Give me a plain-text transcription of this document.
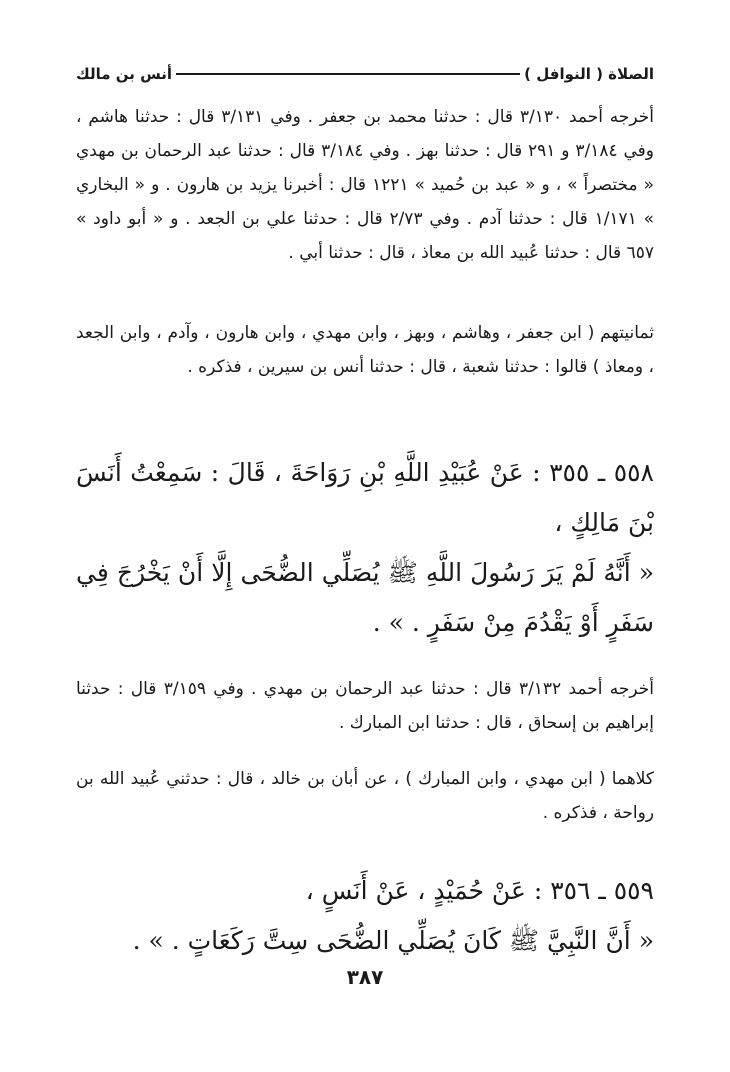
الصلاة ( النوافل )
أنس بن مالك

أخرجه أحمد ٣/١٣٠ قال : حدثنا محمد بن جعفر . وفي ٣/١٣١ قال : حدثنا هاشم ، وفي ٣/١٨٤ و ٢٩١ قال : حدثنا بهز . وفي ٣/١٨٤ قال : حدثنا عبد الرحمان بن مهدي « مختصراً » ، و « عبد بن حُميد » ١٢٢١ قال : أخبرنا يزيد بن هارون . و « البخاري » ١/١٧١ قال : حدثنا آدم . وفي ٢/٧٣ قال : حدثنا علي بن الجعد . و « أبو داود » ٦٥٧ قال : حدثنا عُبيد الله بن معاذ ، قال : حدثنا أبي .

ثمانيتهم ( ابن جعفر ، وهاشم ، وبهز ، وابن مهدي ، وابن هارون ، وآدم ، وابن الجعد ، ومعاذ ) قالوا : حدثنا شعبة ، قال : حدثنا أنس بن سيرين ، فذكره .

٥٥٨ ـ ٣٥٥ : عَنْ عُبَيْدِ اللَّهِ بْنِ رَوَاحَةَ ، قَالَ : سَمِعْتُ أَنَسَ بْنَ مَالِكٍ ،

« أَنَّهُ لَمْ يَرَ رَسُولَ اللَّهِ ﷺ يُصَلِّي الضُّحَى إِلَّا أَنْ يَخْرُجَ فِي سَفَرٍ أَوْ يَقْدُمَ مِنْ سَفَرٍ . » .

أخرجه أحمد ٣/١٣٢ قال : حدثنا عبد الرحمان بن مهدي . وفي ٣/١٥٩ قال : حدثنا إبراهيم بن إسحاق ، قال : حدثنا ابن المبارك .

كلاهما ( ابن مهدي ، وابن المبارك ) ، عن أبان بن خالد ، قال : حدثني عُبيد الله بن رواحة ، فذكره .

٥٥٩ ـ ٣٥٦ : عَنْ حُمَيْدٍ ، عَنْ أَنَسٍ ،

« أَنَّ النَّبِيَّ ﷺ كَانَ يُصَلِّي الضُّحَى سِتَّ رَكَعَاتٍ . » .

٣٨٧
